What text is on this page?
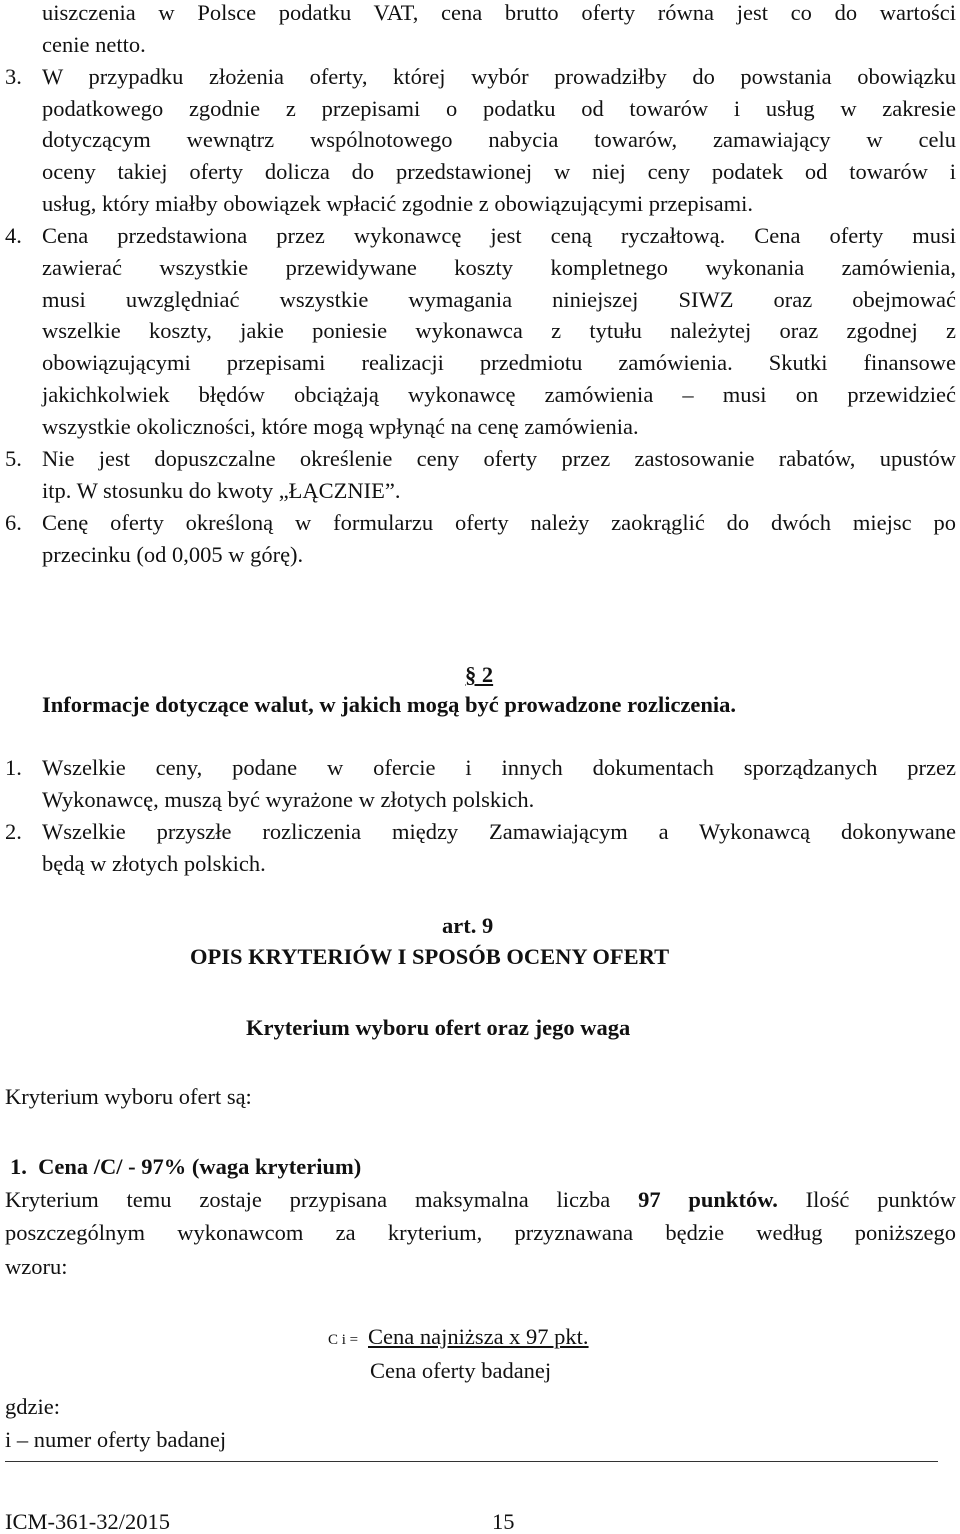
uiszczenia w Polsce podatku VAT, cena brutto oferty równa jest co do wartości
cenie netto.
3. W przypadku złożenia oferty, której wybór prowadziłby do powstania obowiązku
podatkowego zgodnie z przepisami o podatku od towarów i usług w zakresie
dotyczącym wewnątrz wspólnotowego nabycia towarów, zamawiający w celu
oceny takiej oferty dolicza do przedstawionej w niej ceny podatek od towarów i
usług, który miałby obowiązek wpłacić zgodnie z obowiązującymi przepisami.
4. Cena przedstawiona przez wykonawcę jest ceną ryczałtową. Cena oferty musi
zawierać wszystkie przewidywane koszty kompletnego wykonania zamówienia,
musi uwzględniać wszystkie wymagania niniejszej SIWZ oraz obejmować
wszelkie koszty, jakie poniesie wykonawca z tytułu należytej oraz zgodnej z
obowiązującymi przepisami realizacji przedmiotu zamówienia. Skutki finansowe
jakichkolwiek błędów obciążają wykonawcę zamówienia – musi on przewidzieć
wszystkie okoliczności, które mogą wpłynąć na cenę zamówienia.
5. Nie jest dopuszczalne określenie ceny oferty przez zastosowanie rabatów, upustów
itp. W stosunku do kwoty „ŁĄCZNIE”.
6. Cenę oferty określoną w formularzu oferty należy zaokrąglić do dwóch miejsc po
przecinku (od 0,005 w górę).
§ 2
Informacje dotyczące walut, w jakich mogą być prowadzone rozliczenia.
1. Wszelkie ceny, podane w ofercie i innych dokumentach sporządzanych przez
Wykonawcę, muszą być wyrażone w złotych polskich.
2. Wszelkie przyszłe rozliczenia między Zamawiającym a Wykonawcą dokonywane
będą w złotych polskich.
art. 9
OPIS KRYTERIÓW I SPOSÓB OCENY OFERT
Kryterium wyboru ofert oraz jego waga
Kryterium wyboru ofert są:
1.  Cena /C/ - 97% (waga kryterium)
Kryterium temu zostaje przypisana maksymalna liczba 97 punktów. Ilość punktów
poszczególnym wykonawcom za kryterium, przyznawana będzie według poniższego
wzoru:
C i = Cena najniższa x 97 pkt.
Cena oferty badanej
gdzie:
i – numer oferty badanej
ICM-361-32/2015	15
